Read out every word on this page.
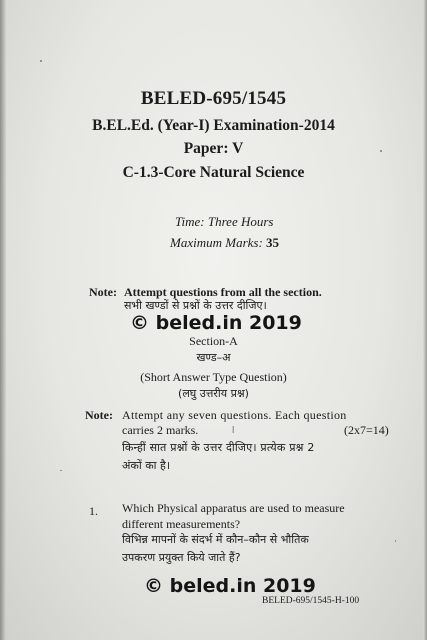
BELED-695/1545
B.EL.Ed. (Year-I) Examination-2014
Paper: V
C-1.3-Core Natural Science
Time: Three Hours
Maximum Marks: 35
Note: Attempt questions from all the section.
सभी खण्डों से प्रश्नों के उत्तर दीजिए।
© beled.in 2019
Section-A
खण्ड–अ
(Short Answer Type Question)
(लघु उत्तरीय प्रश्न)
Note: Attempt any seven questions. Each question
carries 2 marks.	ǀ	(2x7=14)
किन्हीं सात प्रश्नों के उत्तर दीजिए। प्रत्येक प्रश्न 2
अंकों का है।
1. Which Physical apparatus are used to measure
different measurements?
विभिन्न मापनों के संदर्भ में कौन–कौन से भौतिक
उपकरण प्रयुक्त किये जाते हैं?
© beled.in 2019
BELED-695/1545-H-100
